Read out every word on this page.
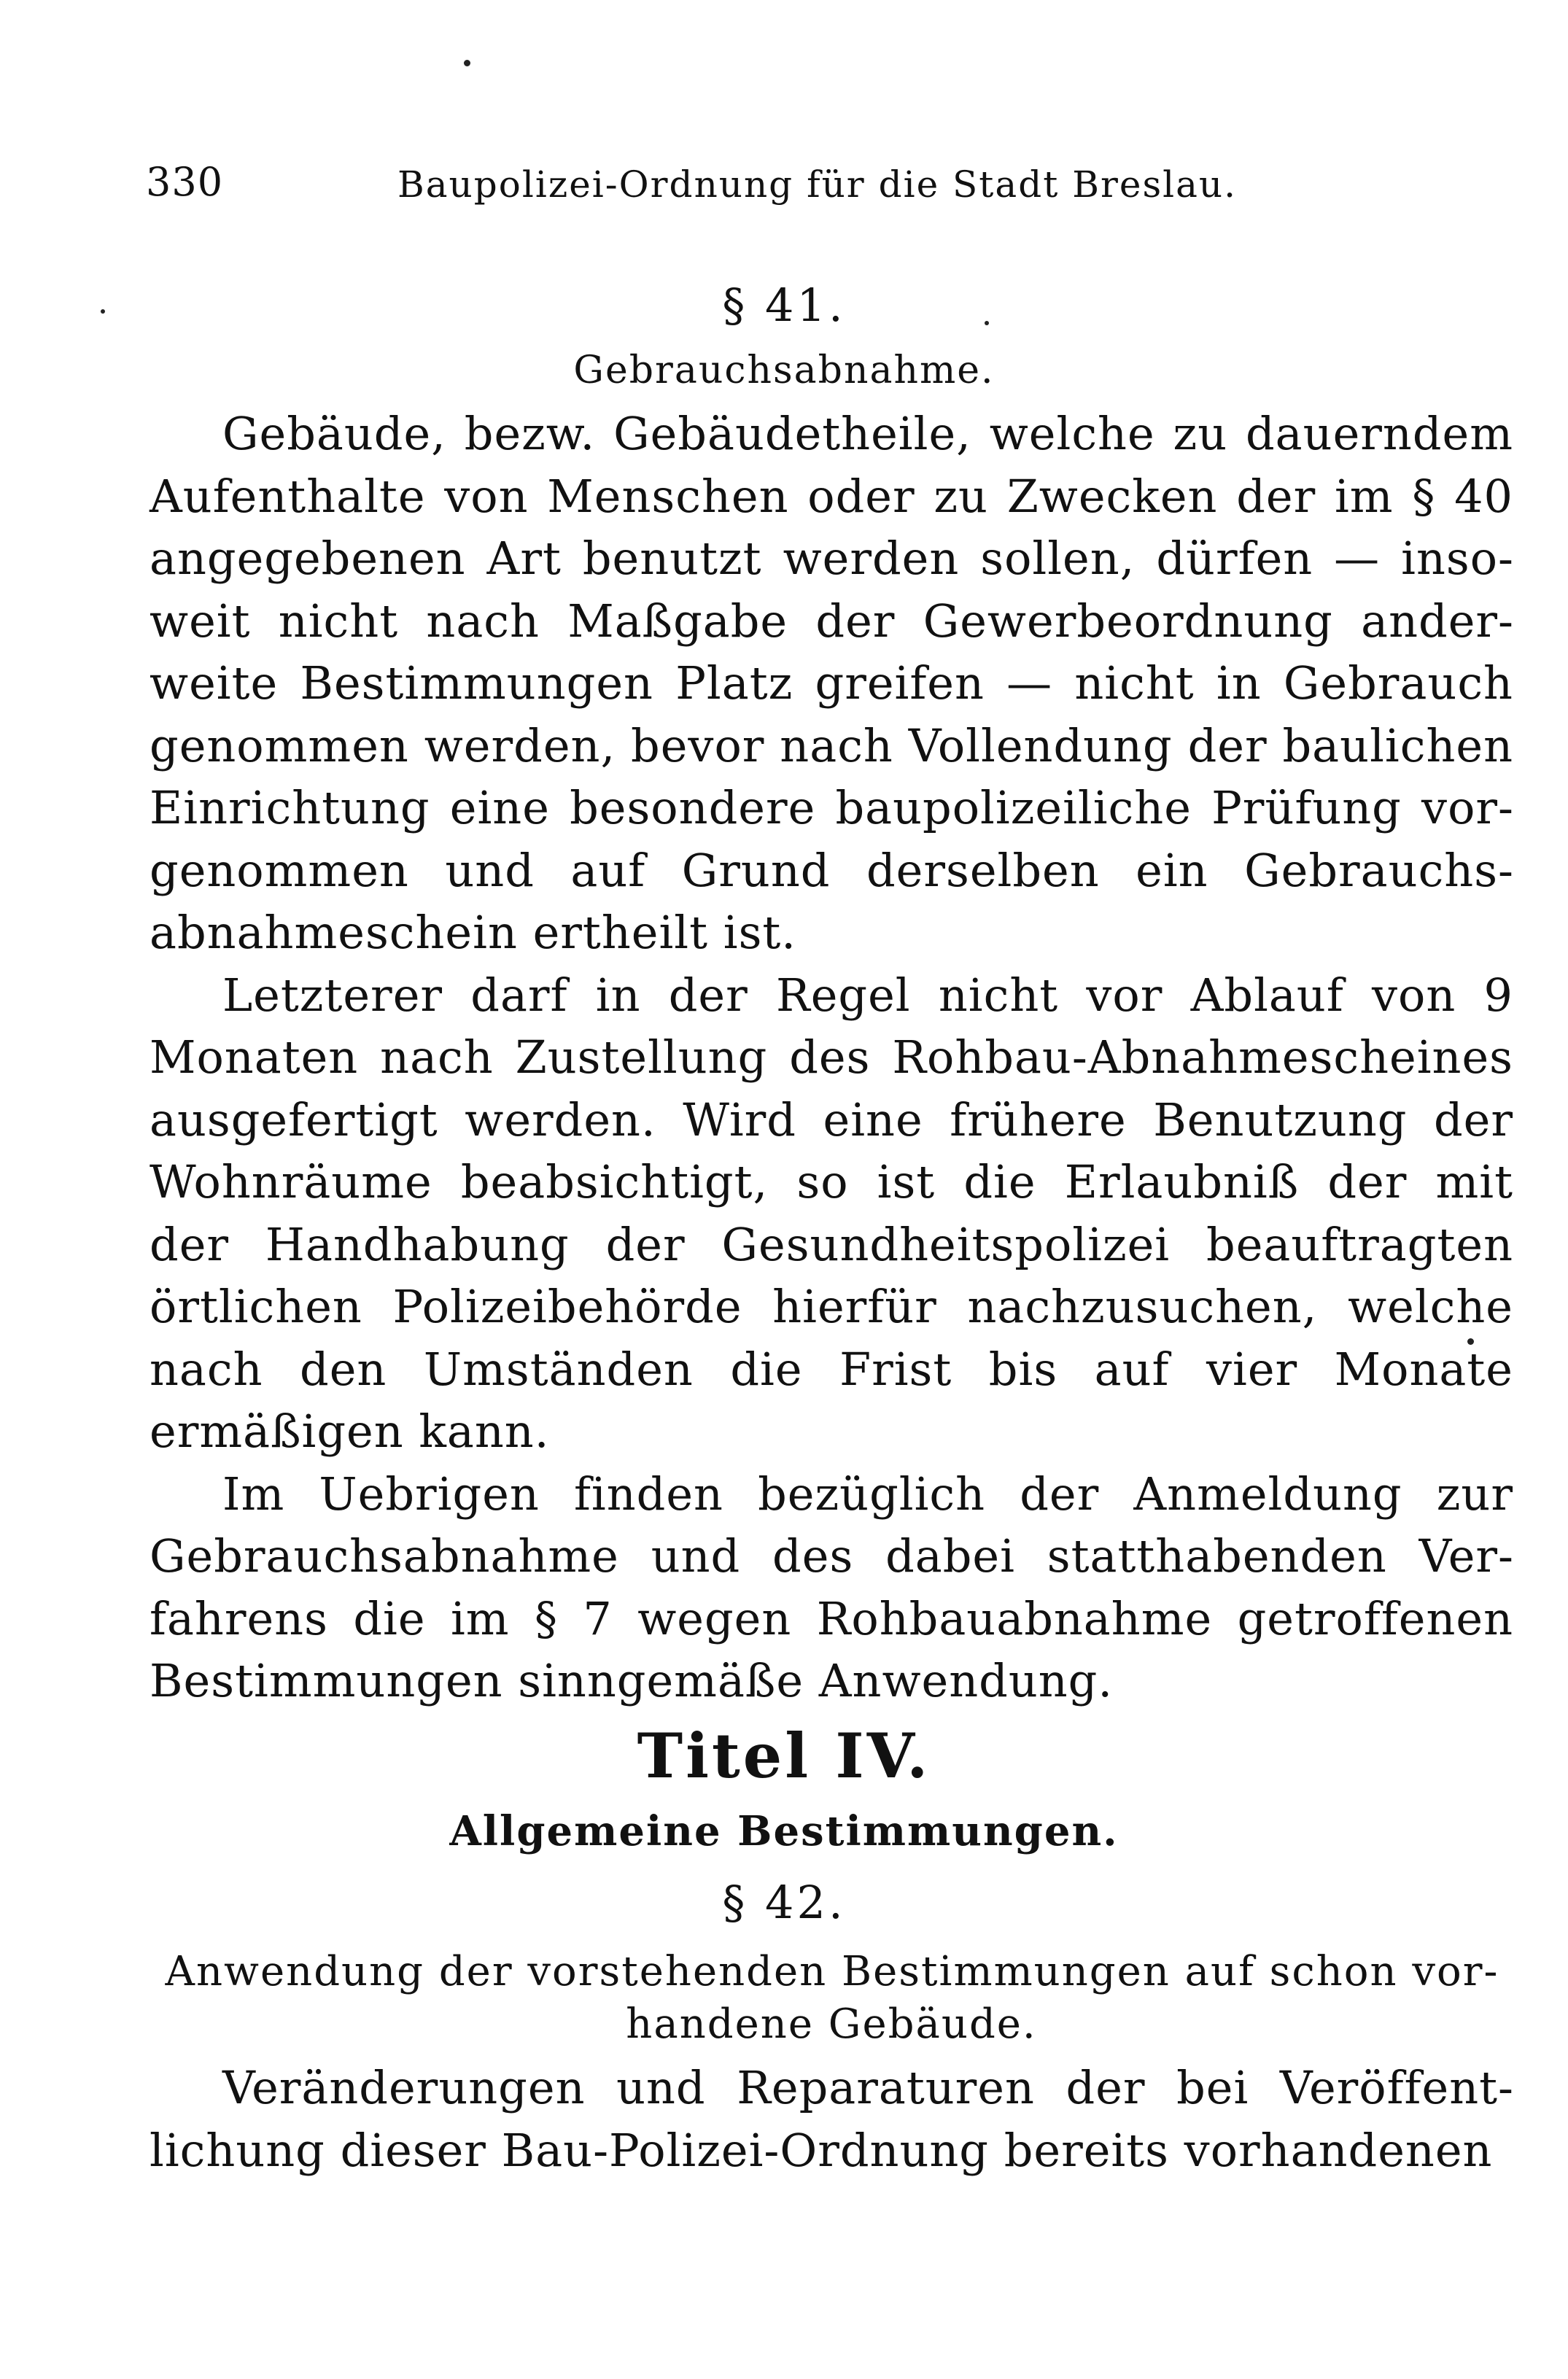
330	Baupolizei-Ordnung für die Stadt Breslau.
§ 41.
Gebrauchsabnahme.

Gebäude, bezw. Gebäudetheile, welche zu dauerndem Aufenthalte von Menschen oder zu Zwecken der im § 40 angegebenen Art benutzt werden sollen, dürfen — insoweit nicht nach Maßgabe der Gewerbeordnung anderweite Bestimmungen Platz greifen — nicht in Gebrauch genommen werden, bevor nach Vollendung der baulichen Einrichtung eine besondere baupolizeiliche Prüfung vorgenommen und auf Grund derselben ein Gebrauchsabnahmeschein ertheilt ist.

Letzterer darf in der Regel nicht vor Ablauf von 9 Monaten nach Zustellung des Rohbau-Abnahmescheines ausgefertigt werden. Wird eine frühere Benutzung der Wohnräume beabsichtigt, so ist die Erlaubniß der mit der Handhabung der Gesundheitspolizei beauftragten örtlichen Polizeibehörde hierfür nachzusuchen, welche nach den Umständen die Frist bis auf vier Monate ermäßigen kann.

Im Uebrigen finden bezüglich der Anmeldung zur Gebrauchsabnahme und des dabei statthabenden Verfahrens die im § 7 wegen Rohbauabnahme getroffenen Bestimmungen sinngemäße Anwendung.

Titel IV.
Allgemeine Bestimmungen.
§ 42.
Anwendung der vorstehenden Bestimmungen auf schon vorhandene Gebäude.

Veränderungen und Reparaturen der bei Veröffentlichung dieser Bau-Polizei-Ordnung bereits vorhandenen
